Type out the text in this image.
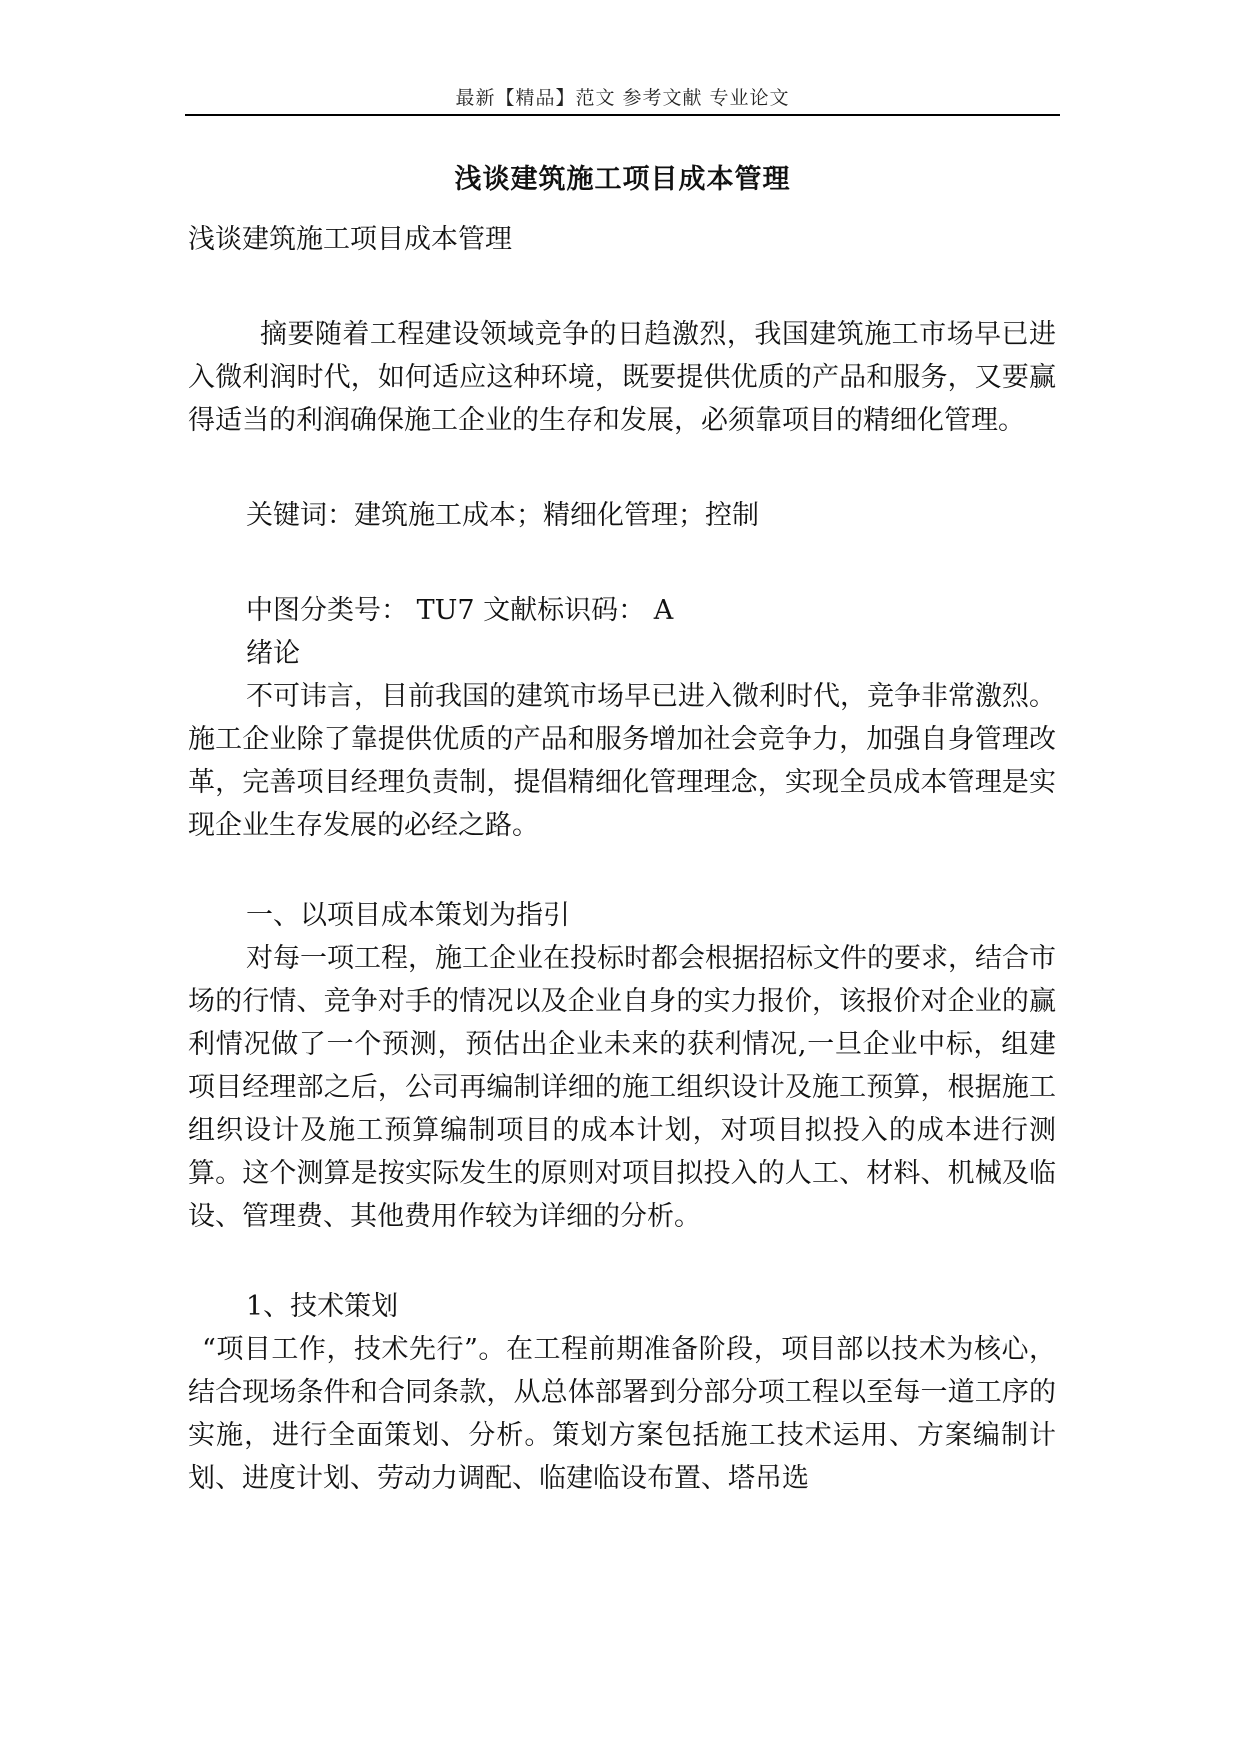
最新【精品】范文 参考文献 专业论文
浅谈建筑施工项目成本管理

浅谈建筑施工项目成本管理

摘要随着工程建设领域竞争的日趋激烈，我国建筑施工市场早已进入微利润时代，如何适应这种环境，既要提供优质的产品和服务，又要赢得适当的利润确保施工企业的生存和发展，必须靠项目的精细化管理。

关键词：建筑施工成本；精细化管理；控制

中图分类号： TU7 文献标识码： A

绪论

不可讳言，目前我国的建筑市场早已进入微利时代，竞争非常激烈。施工企业除了靠提供优质的产品和服务增加社会竞争力，加强自身管理改革，完善项目经理负责制，提倡精细化管理理念，实现全员成本管理是实现企业生存发展的必经之路。

一、以项目成本策划为指引

对每一项工程，施工企业在投标时都会根据招标文件的要求，结合市场的行情、竞争对手的情况以及企业自身的实力报价，该报价对企业的赢利情况做了一个预测，预估出企业未来的获利情况,一旦企业中标，组建项目经理部之后，公司再编制详细的施工组织设计及施工预算，根据施工组织设计及施工预算编制项目的成本计划，对项目拟投入的成本进行测算。这个测算是按实际发生的原则对项目拟投入的人工、材料、机械及临设、管理费、其他费用作较为详细的分析。

1、技术策划

“项目工作，技术先行”。在工程前期准备阶段，项目部以技术为核心，结合现场条件和合同条款，从总体部署到分部分项工程以至每一道工序的实施，进行全面策划、分析。策划方案包括施工技术运用、方案编制计划、进度计划、劳动力调配、临建临设布置、塔吊选
